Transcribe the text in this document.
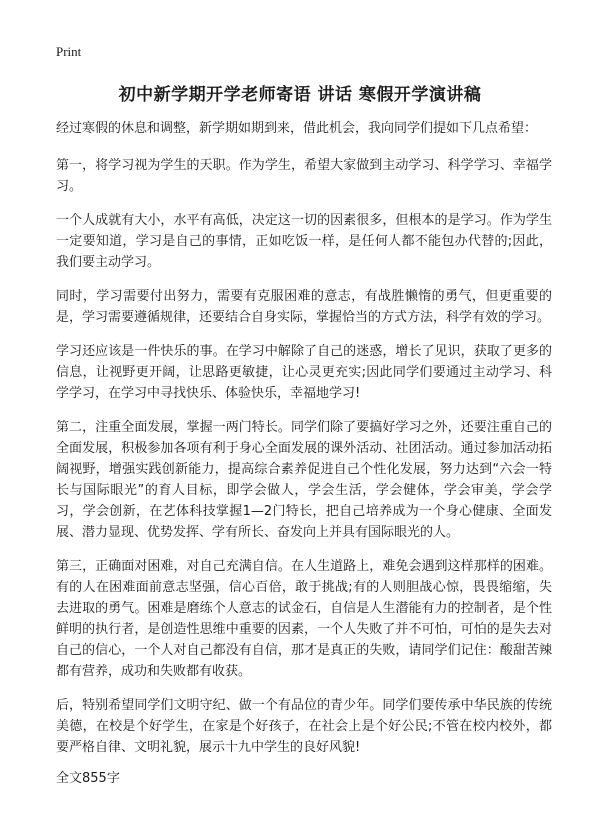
Print
初中新学期开学老师寄语 讲话 寒假开学演讲稿

经过寒假的休息和调整，新学期如期到来，借此机会，我向同学们提如下几点希望：

第一，将学习视为学生的天职。作为学生，希望大家做到主动学习、科学学习、幸福学习。

一个人成就有大小，水平有高低，决定这一切的因素很多，但根本的是学习。作为学生一定要知道，学习是自己的事情，正如吃饭一样，是任何人都不能包办代替的;因此，我们要主动学习。

同时，学习需要付出努力，需要有克服困难的意志，有战胜懒惰的勇气，但更重要的是，学习需要遵循规律，还要结合自身实际，掌握恰当的方式方法，科学有效的学习。

学习还应该是一件快乐的事。在学习中解除了自己的迷惑，增长了见识，获取了更多的信息，让视野更开阔，让思路更敏捷，让心灵更充实;因此同学们要通过主动学习、科学学习，在学习中寻找快乐、体验快乐，幸福地学习!

第二，注重全面发展，掌握一两门特长。同学们除了要搞好学习之外，还要注重自己的全面发展，积极参加各项有利于身心全面发展的课外活动、社团活动。通过参加活动拓阔视野，增强实践创新能力，提高综合素养促进自己个性化发展，努力达到“六会一特长与国际眼光”的育人目标，即学会做人，学会生活，学会健体，学会审美，学会学习，学会创新，在艺体科技掌握1—2门特长，把自己培养成为一个身心健康、全面发展、潜力显现、优势发挥、学有所长、奋发向上并具有国际眼光的人。

第三，正确面对困难，对自己充满自信。在人生道路上，难免会遇到这样那样的困难。有的人在困难面前意志坚强，信心百倍，敢于挑战;有的人则胆战心惊，畏畏缩缩，失去进取的勇气。困难是磨练个人意志的试金石，自信是人生潜能有力的控制者，是个性鲜明的执行者，是创造性思维中重要的因素，一个人失败了并不可怕，可怕的是失去对自己的信心，一个人对自己都没有自信，那才是真正的失败，请同学们记住：酸甜苦辣都有营养，成功和失败都有收获。

后，特别希望同学们文明守纪、做一个有品位的青少年。同学们要传承中华民族的传统美德，在校是个好学生，在家是个好孩子，在社会上是个好公民;不管在校内校外，都要严格自律、文明礼貌，展示十九中学生的良好风貌!

全文855字
